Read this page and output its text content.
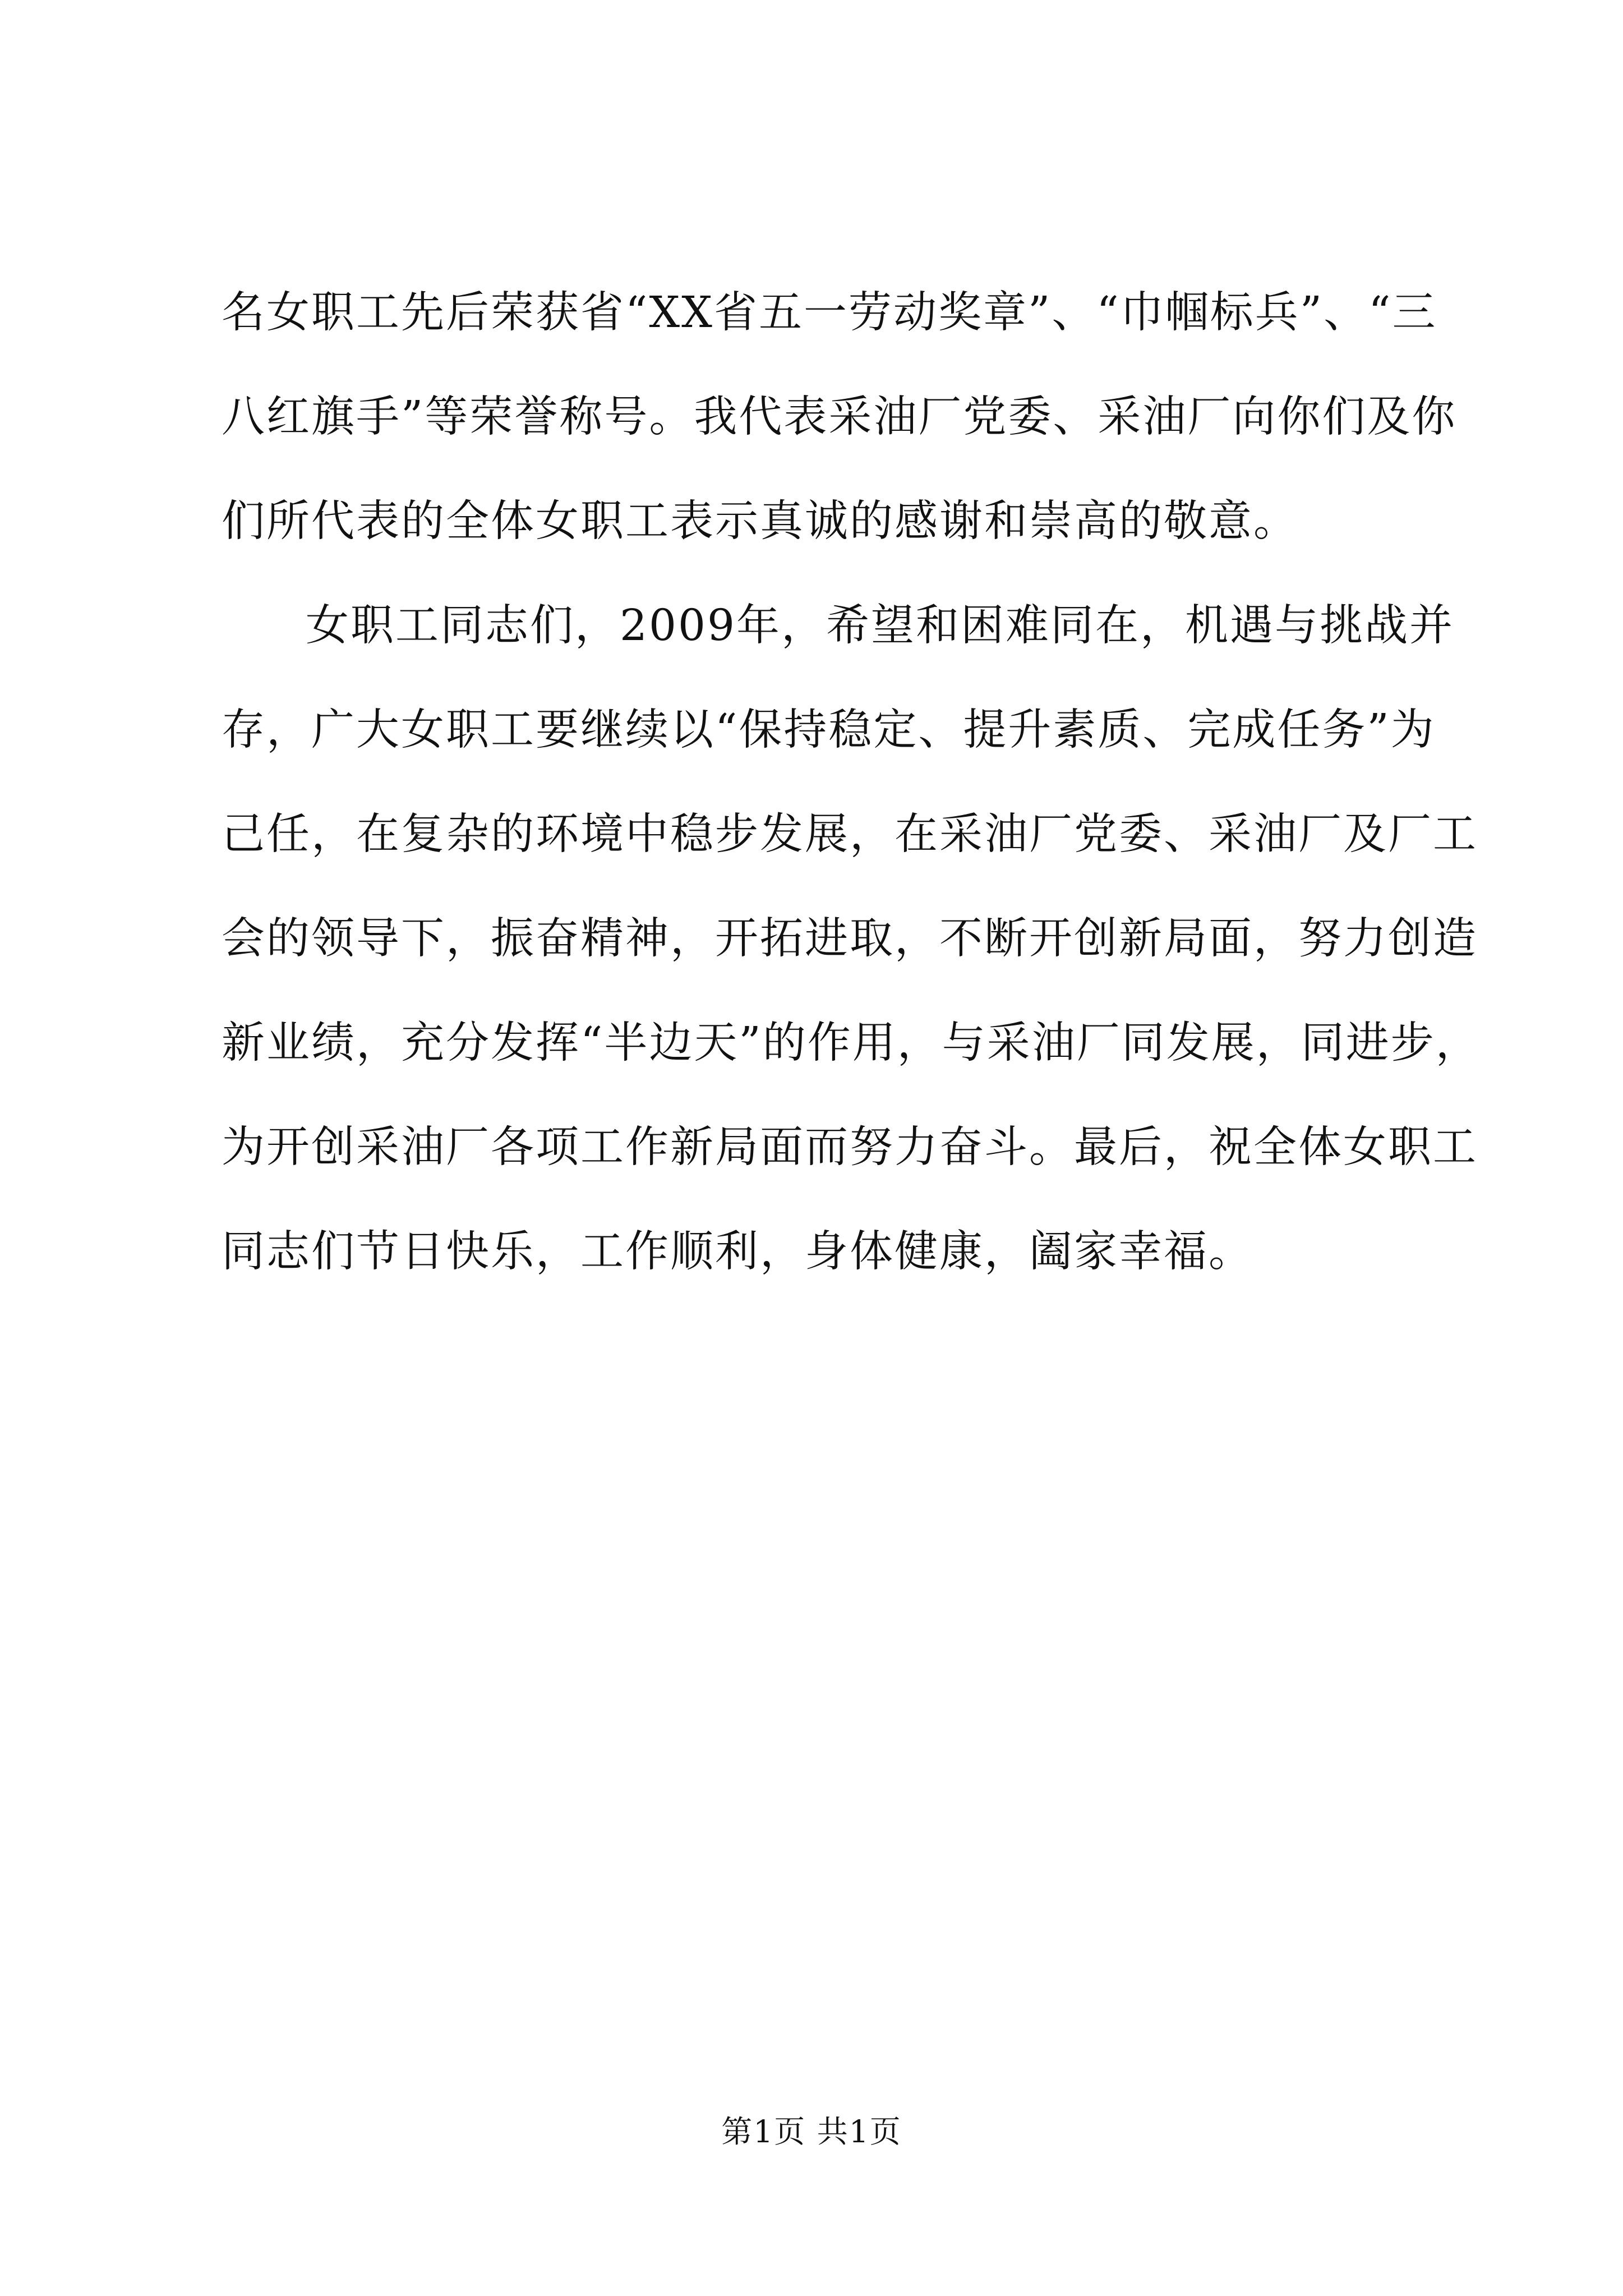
名女职工先后荣获省“XX省五一劳动奖章”、“巾帼标兵”、“三
八红旗手”等荣誉称号。我代表采油厂党委、采油厂向你们及你
们所代表的全体女职工表示真诚的感谢和崇高的敬意。
女职工同志们，2009年，希望和困难同在，机遇与挑战并
存，广大女职工要继续以“保持稳定、提升素质、完成任务”为
己任，在复杂的环境中稳步发展，在采油厂党委、采油厂及厂工
会的领导下，振奋精神，开拓进取，不断开创新局面，努力创造
新业绩，充分发挥“半边天”的作用，与采油厂同发展，同进步，
为开创采油厂各项工作新局面而努力奋斗。最后，祝全体女职工
同志们节日快乐，工作顺利，身体健康，阖家幸福。
第1页 共1页
